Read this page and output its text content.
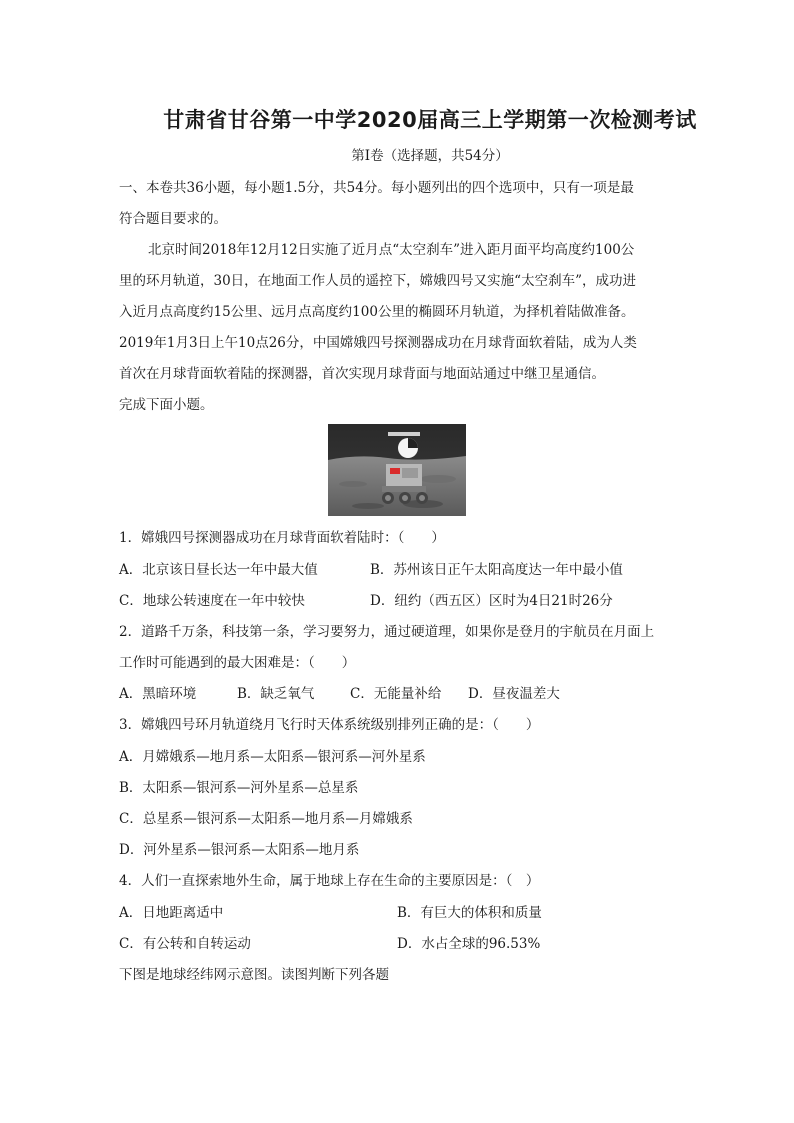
甘肃省甘谷第一中学2020届高三上学期第一次检测考试
第Ⅰ卷（选择题，共54分）
一、本卷共36小题，每小题1.5分，共54分。每小题列出的四个选项中，只有一项是最
符合题目要求的。
北京时间2018年12月12日实施了近月点“太空刹车”进入距月面平均高度约100公
里的环月轨道，30日，在地面工作人员的遥控下，嫦娥四号又实施“太空刹车”，成功进
入近月点高度约15公里、远月点高度约100公里的椭圆环月轨道，为择机着陆做准备。
2019年1月3日上午10点26分，中国嫦娥四号探测器成功在月球背面软着陆，成为人类
首次在月球背面软着陆的探测器，首次实现月球背面与地面站通过中继卫星通信。
完成下面小题。
1．嫦娥四号探测器成功在月球背面软着陆时：（　　）
A．北京该日昼长达一年中最大值	B．苏州该日正午太阳高度达一年中最小值
C．地球公转速度在一年中较快	D．纽约（西五区）区时为4日21时26分
2．道路千万条，科技第一条，学习要努力，通过硬道理，如果你是登月的宇航员在月面上
工作时可能遇到的最大困难是：（　　）
A．黑暗环境	B．缺乏氧气	C．无能量补给 D．昼夜温差大
3．嫦娥四号环月轨道绕月飞行时天体系统级别排列正确的是：（　　）
A．月嫦娥系—地月系—太阳系—银河系—河外星系
B．太阳系—银河系—河外星系—总星系
C．总星系—银河系—太阳系—地月系—月嫦娥系
D．河外星系—银河系—太阳系—地月系
4．人们一直探索地外生命，属于地球上存在生命的主要原因是：（　）
A．日地距离适中	B．有巨大的体积和质量
C．有公转和自转运动	D．水占全球的96.53%
下图是地球经纬网示意图。读图判断下列各题
